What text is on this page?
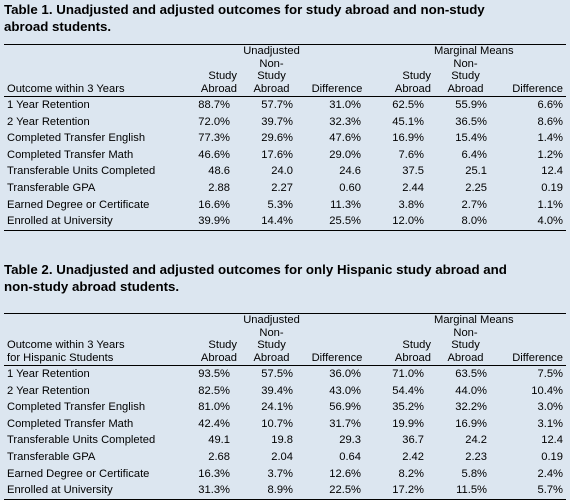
Table 1. Unadjusted and adjusted outcomes for study abroad and non-study
abroad students.
		Unadjusted			Marginal Means	
		Non-			Non-	
	Study	Study		Study	Study	
Outcome within 3 Years	Abroad	Abroad	Difference	Abroad	Abroad	Difference
1 Year Retention	88.7%	57.7%	31.0%	62.5%	55.9%	6.6%
2 Year Retention	72.0%	39.7%	32.3%	45.1%	36.5%	8.6%
Completed Transfer English	77.3%	29.6%	47.6%	16.9%	15.4%	1.4%
Completed Transfer Math	46.6%	17.6%	29.0%	7.6%	6.4%	1.2%
Transferable Units Completed	48.6	24.0	24.6	37.5	25.1	12.4
Transferable GPA	2.88	2.27	0.60	2.44	2.25	0.19
Earned Degree or Certificate	16.6%	5.3%	11.3%	3.8%	2.7%	1.1%
Enrolled at University	39.9%	14.4%	25.5%	12.0%	8.0%	4.0%
Table 2. Unadjusted and adjusted outcomes for only Hispanic study abroad and
non-study abroad students.
		Unadjusted			Marginal Means	
		Non-			Non-	
Outcome within 3 Years	Study	Study		Study	Study	
for Hispanic Students	Abroad	Abroad	Difference	Abroad	Abroad	Difference
1 Year Retention	93.5%	57.5%	36.0%	71.0%	63.5%	7.5%
2 Year Retention	82.5%	39.4%	43.0%	54.4%	44.0%	10.4%
Completed Transfer English	81.0%	24.1%	56.9%	35.2%	32.2%	3.0%
Completed Transfer Math	42.4%	10.7%	31.7%	19.9%	16.9%	3.1%
Transferable Units Completed	49.1	19.8	29.3	36.7	24.2	12.4
Transferable GPA	2.68	2.04	0.64	2.42	2.23	0.19
Earned Degree or Certificate	16.3%	3.7%	12.6%	8.2%	5.8%	2.4%
Enrolled at University	31.3%	8.9%	22.5%	17.2%	11.5%	5.7%
